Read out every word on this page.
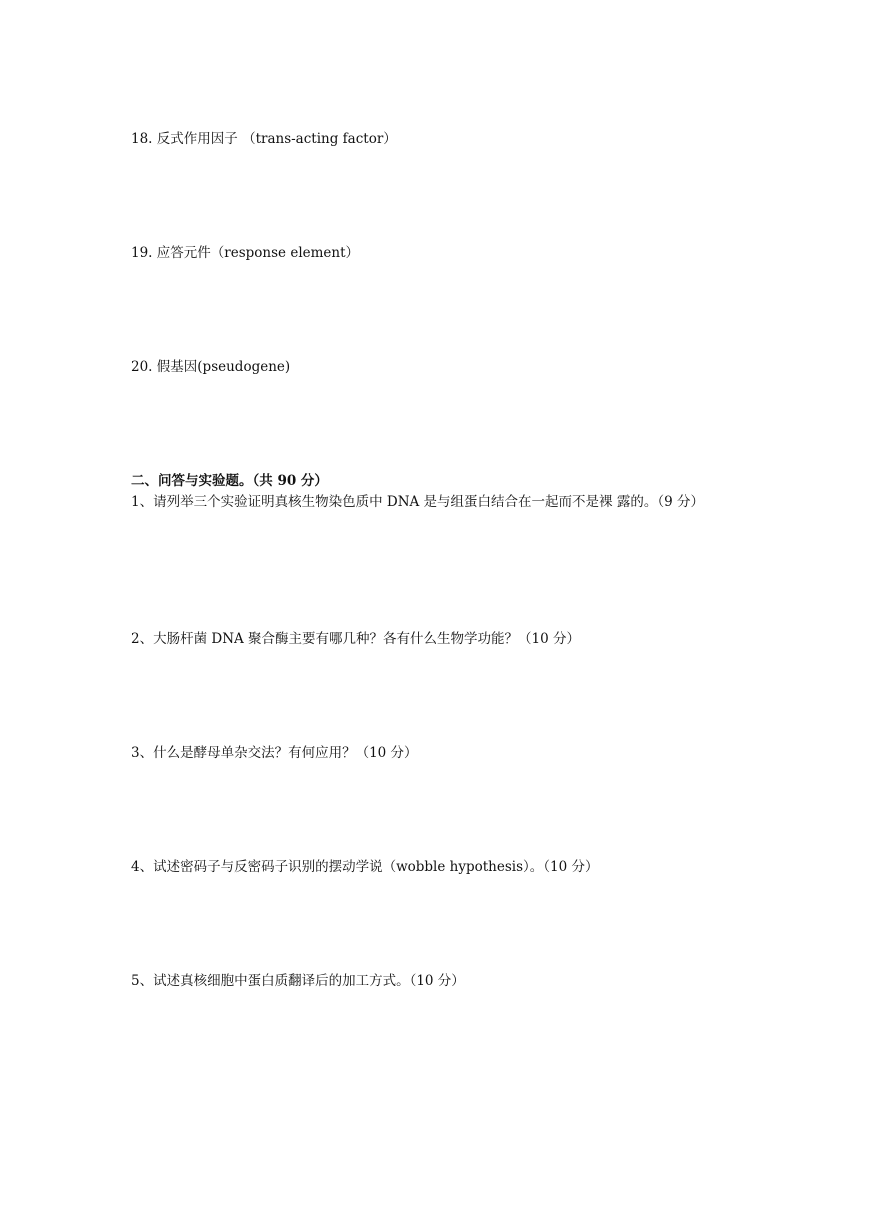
18. 反式作用因子 （trans-acting factor）
19. 应答元件（response element）
20. 假基因(pseudogene)
二、问答与实验题。（共 90 分）
1、请列举三个实验证明真核生物染色质中 DNA 是与组蛋白结合在一起而不是裸 露的。（9 分）
2、大肠杆菌 DNA 聚合酶主要有哪几种？各有什么生物学功能？（10 分）
3、什么是酵母单杂交法？有何应用？（10 分）
4、试述密码子与反密码子识别的摆动学说（wobble hypothesis）。（10 分）
5、试述真核细胞中蛋白质翻译后的加工方式。（10 分）
